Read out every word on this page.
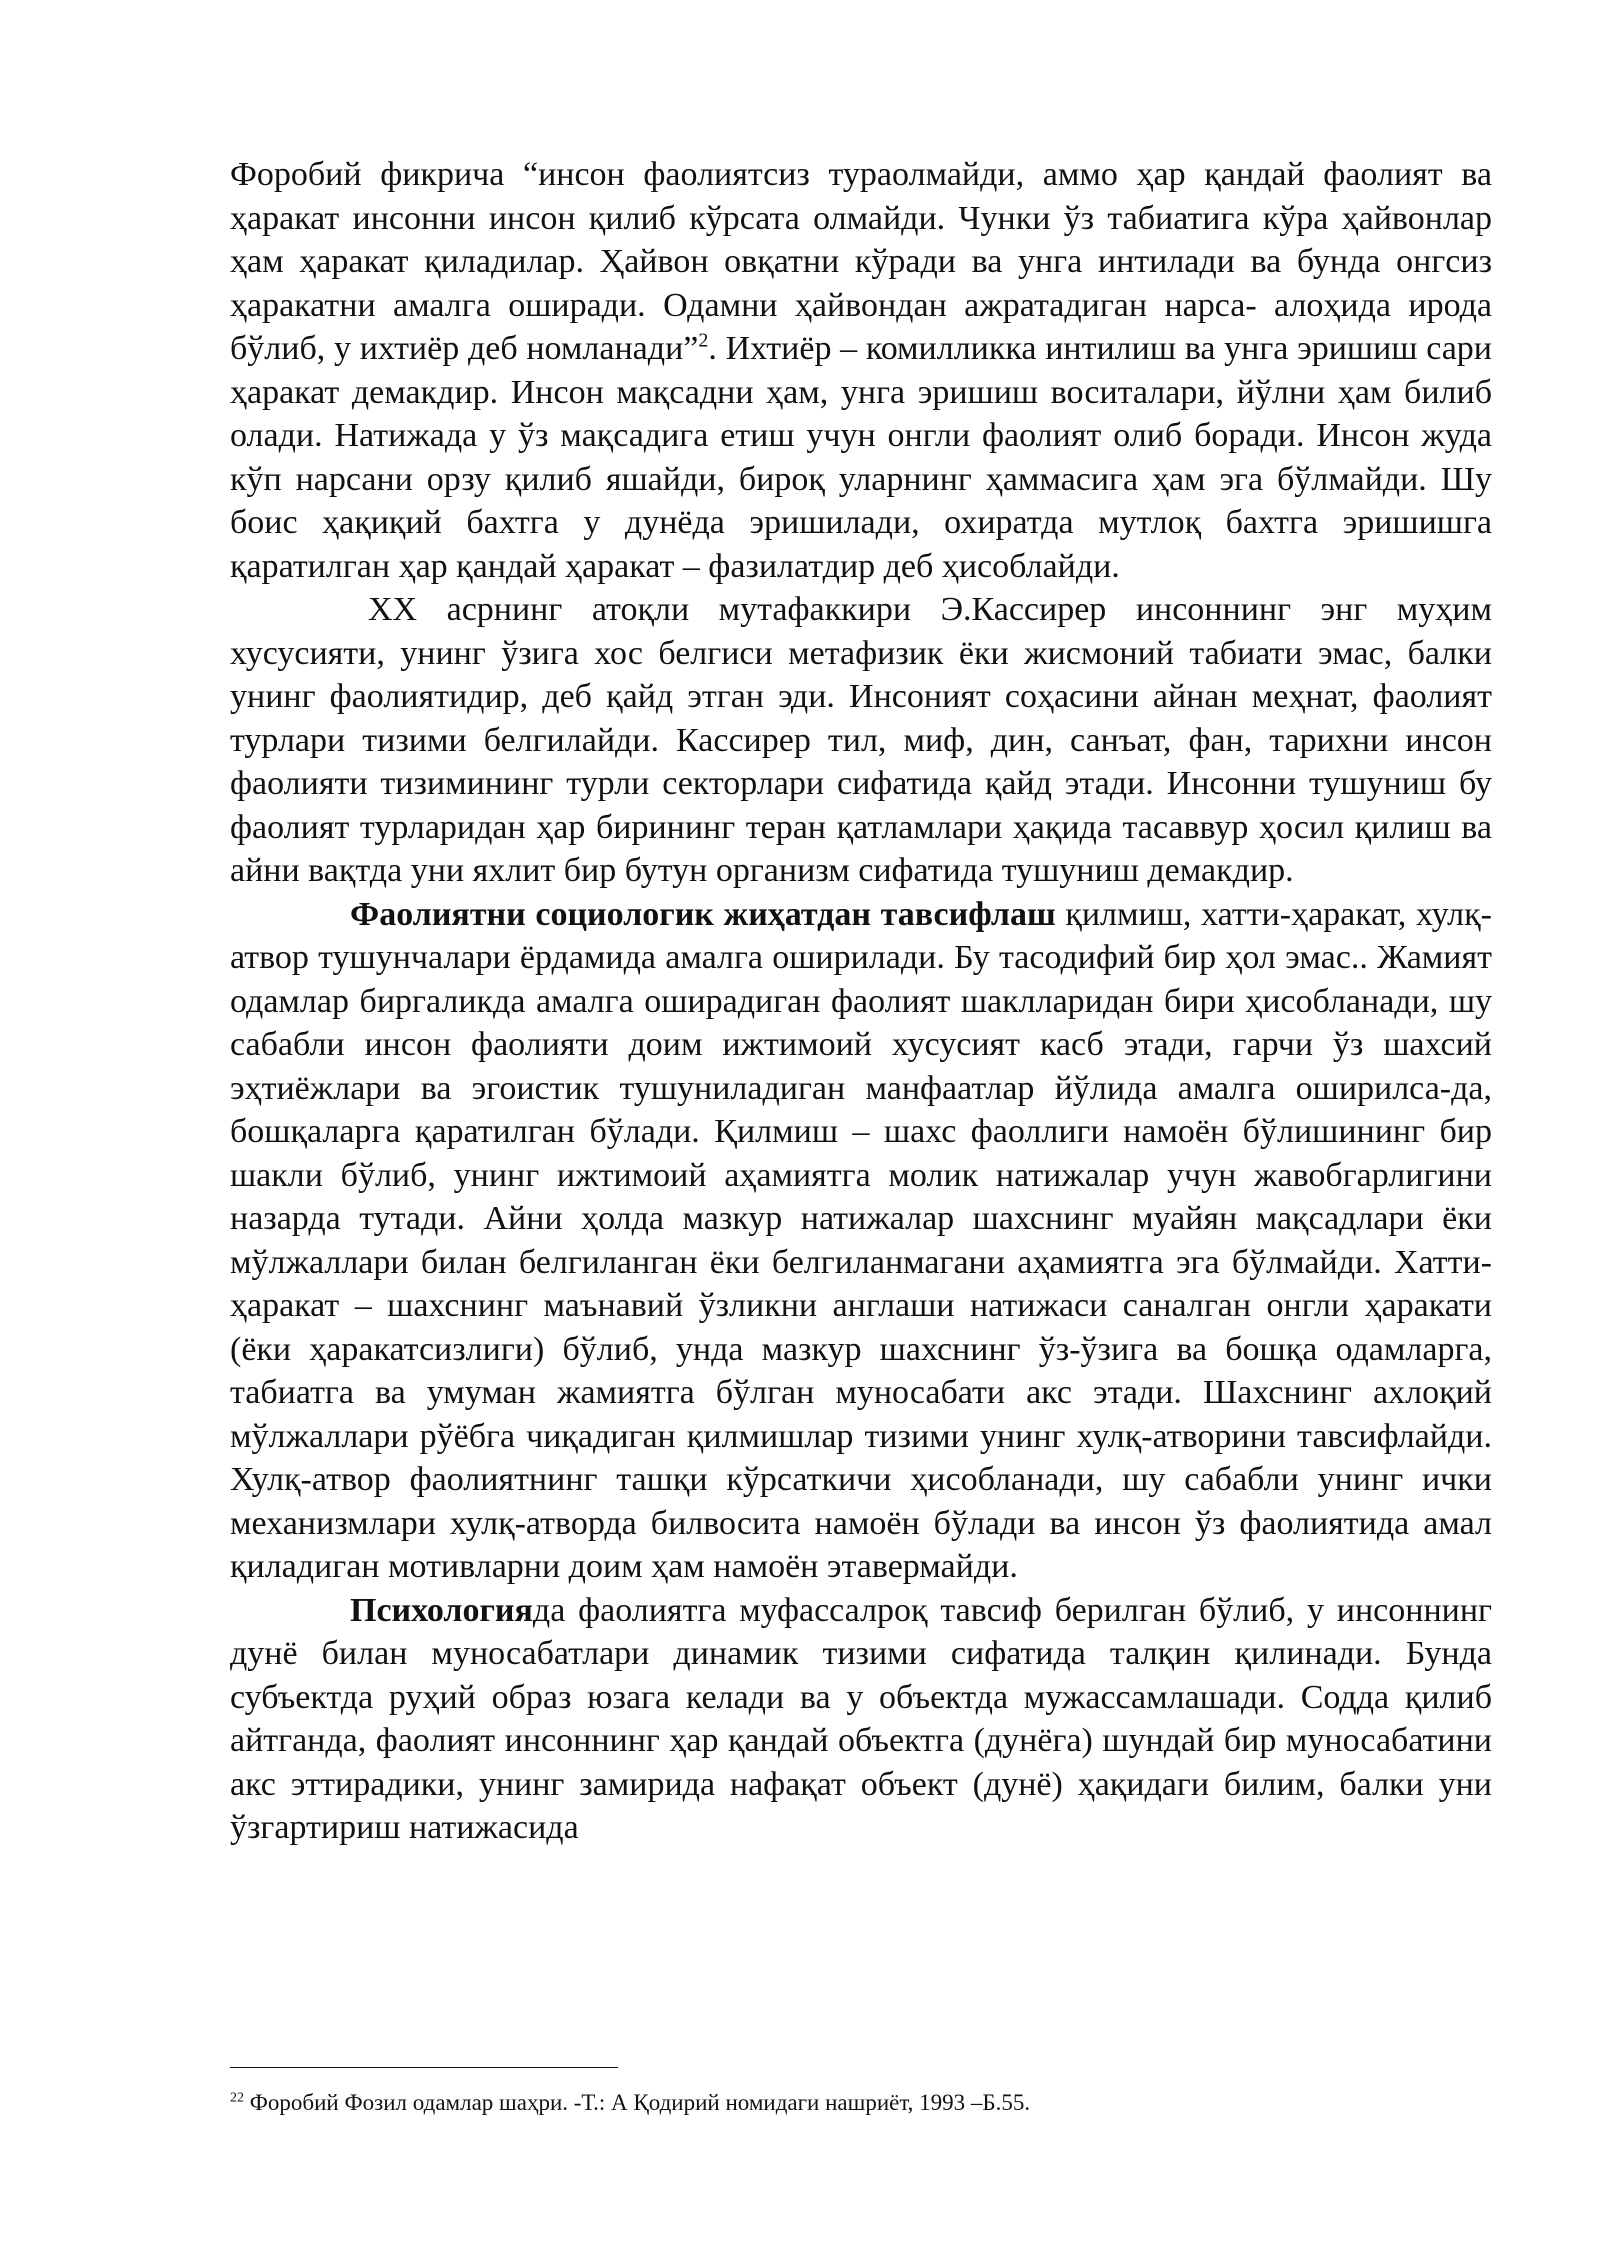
Форобий фикрича “инсон фаолиятсиз тураолмайди, аммо ҳар қандай фаолият ва ҳаракат инсонни инсон қилиб кўрсата олмайди. Чунки ўз табиатига кўра ҳайвонлар ҳам ҳаракат қиладилар. Ҳайвон овқатни кўради ва унга интилади ва бунда онгсиз ҳаракатни амалга оширади. Одамни ҳайвондан ажратадиган нарса- алоҳида ирода бўлиб, у ихтиёр деб номланади”$^2$. Ихтиёр – комилликка интилиш ва унга эришиш сари ҳаракат демакдир. Инсон мақсадни ҳам, унга эришиш воситалари, йўлни ҳам билиб олади. Натижада у ўз мақсадига етиш учун онгли фаолият олиб боради. Инсон жуда кўп нарсани орзу қилиб яшайди, бироқ уларнинг ҳаммасига ҳам эга бўлмайди. Шу боис ҳақиқий бахтга у дунёда эришилади, охиратда мутлоқ бахтга эришишга қаратилган ҳар қандай ҳаракат – фазилатдир деб ҳисоблайди.

XX асрнинг атоқли мутафаккири Э.Кассирер инсоннинг энг муҳим хусусияти, унинг ўзига хос белгиси метафизик ёки жисмоний табиати эмас, балки унинг фаолиятидир, деб қайд этган эди. Инсоният соҳасини айнан меҳнат, фаолият турлари тизими белгилайди. Кассирер тил, миф, дин, санъат, фан, тарихни инсон фаолияти тизимининг турли секторлари сифатида қайд этади. Инсонни тушуниш бу фаолият турларидан ҳар бирининг теран қатламлари ҳақида тасаввур ҳосил қилиш ва айни вақтда уни яхлит бир бутун организм сифатида тушуниш демакдир.

Фаолиятни социологик жиҳатдан тавсифлаш қилмиш, хатти-ҳаракат, хулқ-атвор тушунчалари ёрдамида амалга оширилади. Бу тасодифий бир ҳол эмас.. Жамият одамлар биргаликда амалга оширадиган фаолият шаклларидан бири ҳисобланади, шу сабабли инсон фаолияти доим ижтимоий хусусият касб этади, гарчи ўз шахсий эҳтиёжлари ва эгоистик тушуниладиган манфаатлар йўлида амалга оширилса-да, бошқаларга қаратилган бўлади. Қилмиш – шахс фаоллиги намоён бўлишининг бир шакли бўлиб, унинг ижтимоий аҳамиятга молик натижалар учун жавобгарлигини назарда тутади. Айни ҳолда мазкур натижалар шахснинг муайян мақсадлари ёки мўлжаллари билан белгиланган ёки белгиланмагани аҳамиятга эга бўлмайди. Хатти-ҳаракат – шахснинг маънавий ўзликни англаши натижаси саналган онгли ҳаракати (ёки ҳаракатсизлиги) бўлиб, унда мазкур шахснинг ўз-ўзига ва бошқа одамларга, табиатга ва умуман жамиятга бўлган муносабати акс этади. Шахснинг ахлоқий мўлжаллари рўёбга чиқадиган қилмишлар тизими унинг хулқ-атворини тавсифлайди. Хулқ-атвор фаолиятнинг ташқи кўрсаткичи ҳисобланади, шу сабабли унинг ички механизмлари хулқ-атворда билвосита намоён бўлади ва инсон ўз фаолиятида амал қиладиган мотивларни доим ҳам намоён этавермайди.

Психологияда фаолиятга муфассалроқ тавсиф берилган бўлиб, у инсоннинг дунё билан муносабатлари динамик тизими сифатида талқин қилинади. Бунда субъектда руҳий образ юзага келади ва у объектда мужассамлашади. Содда қилиб айтганда, фаолият инсоннинг ҳар қандай объектга (дунёга) шундай бир муносабатини акс эттирадики, унинг замирида нафақат объект (дунё) ҳақидаги билим, балки уни ўзгартириш натижасида

$^{22}$ Форобий Фозил одамлар шаҳри. -Т.: А Қодирий номидаги нашриёт, 1993 –Б.55.
